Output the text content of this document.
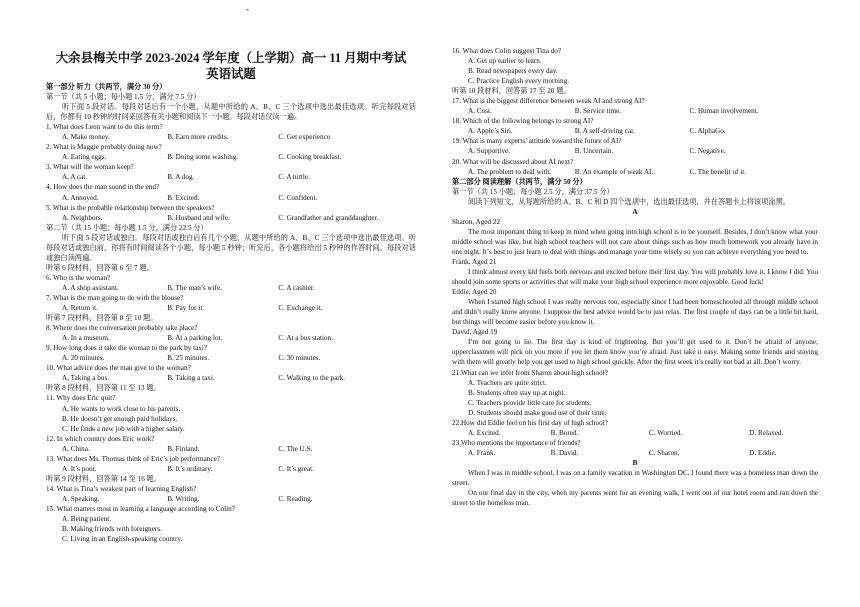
-
大余县梅关中学 2023-2024 学年度（上学期）高一 11 月期中考试
英语试题
第一部分 听力（共两节，满分 30 分）
第一节（共 5 小题；每小题 1.5 分，满分 7.5 分）
听下面 5 段对话。每段对话后有一个小题，从题中所给的 A、B、C 三个选项中选出最佳选项。听完每段对话后，你都有 10 秒钟的时间来回答有关小题和阅读下一小题。每段对话仅读一遍。
1. What does Leon want to do this term?
A. Make money.	B. Earn more credits.	C. Get experience.
2. What is Maggie probably doing now?
A. Eating eggs.	B. Doing some washing.	C. Cooking breakfast.
3. What will the woman keep?
A. A cat.	B. A dog.	C. A turtle.
4. How does the man sound in the end?
A. Annoyed.	B. Excited.	C. Confident.
5. What is the probable relationship between the speakers?
A. Neighbors.	B. Husband and wife.	C. Grandfather and granddaughter.
第二节（共 15 小题；每小题 1.5 分，满分 22.5 分）
听下面 5 段对话或独白。每段对话或独白后有几个小题，从题中所给的 A、B、C 三个选项中选出最佳选项。听每段对话或独白前，你将有时间阅读各个小题，每小题 5 秒钟；听完后，各小题将给出 5 秒钟的作答时间。每段对话或独白读两遍。
听第 6 段材料，回答第 6 至 7 题。
6. Who is the woman?
A. A shop assistant.	B. The man’s wife.	C. A cashier.
7. What is the man going to do with the blouse?
A. Return it.	B. Pay for it.	C. Exchange it.
听第 7 段材料，回答第 8 至 10 题。
8. Where does the conversation probably take place?
A. In a museum.	B. At a parking lot.	C. At a bus station.
9. How long does it take the woman to the park by taxi?
A. 20 minutes.	B. 25 minutes.	C. 30 minutes.
10. What advice does the man give to the woman?
A. Taking a bus.	B. Taking a taxi.	C. Walking to the park.
听第 8 段材料，回答第 11 至 13 题。
11. Why does Eric quit?
A. He wants to work close to his parents.
B. He doesn’t get enough paid holidays.
C. He finds a new job with a higher salary.
12. In which country does Eric work?
A. China.	B. Finland.	C. The U.S.
13. What does Ms. Thomas think of Eric’s job performance?
A. It’s poor.	B. It’s ordinary.	C. It’s great.
听第 9 段材料，回答第 14 至 16 题。
14. What is Tina’s weakest part of learning English?
A. Speaking.	B. Writing.	C. Reading.
15. What matters most in learning a language according to Colin?
A. Being patient.
B. Making friends with foreigners.
C. Living in an English-speaking country.
16. What does Colin suggest Tina do?
A. Get up earlier to learn.
B. Read newspapers every day.
C. Practice English every morning.
听第 10 段材料，回答第 17 至 20 题。
17. What is the biggest difference between weak AI and strong AI?
A. Cost.	B. Service time.	C. Human involvement.
18. Which of the following belongs to strong AI?
A. Apple’s Siri.	B. A self-driving car.	C. AlphaGo.
19. What is many experts’ attitude toward the future of AI?
A. Supportive.	B. Uncertain.	C. Negative.
20. What will be discussed about AI next?
A. The problem to deal with.	B. An example of weak AI.	C. The benefit of it.
第二部分 阅读理解（共两节，满分 50 分）
第一节（共 15 小题；每小题 2.5 分，满分 37.5 分）
阅读下列短文，从每题所给的 A、B、C 和 D 四个选项中，选出最佳选项，并在答题卡上将该项涂黑。
A
Sharon, Aged 22
The most important thing to keep in mind when going into high school is to be yourself. Besides, I don’t know what your middle school was like, but high school teachers will not care about things such as how much homework you already have in one night. It’s best to just learn to deal with things and manage your time wisely so you can achieve everything you need to.
Frank, Aged 21
I think almost every kid feels both nervous and excited before their first day. You will probably love it. I know I did. You should join some sports or activities that will make your high school experience more enjoyable. Good luck!
Eddie, Aged 20
When I started high school I was really nervous too, especially since I had been homeschooled all through middle school and didn’t really know anyone. I suppose the best advice would be to just relax. The first couple of days can be a little bit hard, but things will become easier before you know it.
David, Aged 19
I’m not going to lie. The first day is kind of frightening. But you’ll get used to it. Don’t be afraid of anyone; upperclassmen will pick on you more if you let them know you’re afraid. Just take it easy. Making some friends and staying with them will greatly help you get used to high school quickly. After the first week it’s really not bad at all. Don’t worry.
21.What can we infer from Sharon about high school?
A. Teachers are quite strict.
B. Students often stay up at night.
C. Teachers provide little care for students.
D. Students should make good use of their time.
22.How did Eddie feel on his first day of high school?
A. Excited.	B. Bored.	C. Worried.	D. Relaxed.
23.Who mentions the importance of friends?
A. Frank.	B. David.	C. Sharon.	D. Eddie.
B
When I was in middle school, I was on a family vacation in Washington DC. I found there was a homeless man down the street.
On our final day in the city, when my parents went for an evening walk, I went out of our hotel room and ran down the street to the homeless man.
